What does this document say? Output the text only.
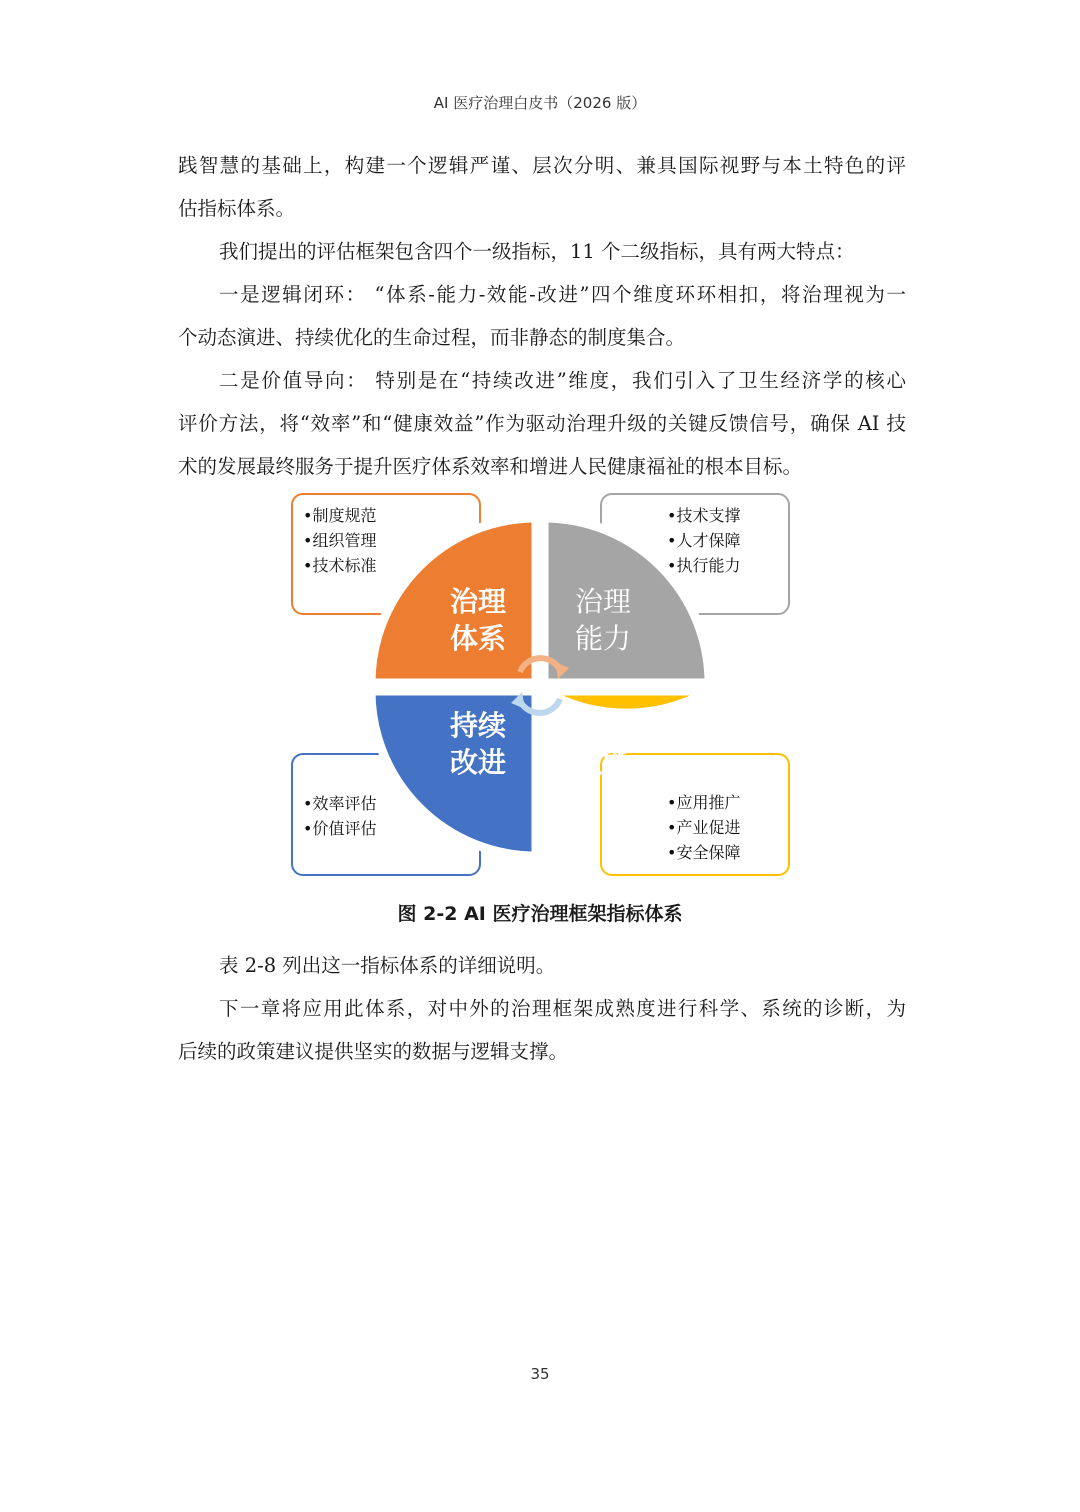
AI 医疗治理白皮书（2026 版）

践智慧的基础上，构建一个逻辑严谨、层次分明、兼具国际视野与本土特色的评

估指标体系。

我们提出的评估框架包含四个一级指标，11 个二级指标，具有两大特点：

一是逻辑闭环： “体系-能力-效能-改进”四个维度环环相扣，将治理视为一

个动态演进、持续优化的生命过程，而非静态的制度集合。

二是价值导向： 特别是在“持续改进”维度，我们引入了卫生经济学的核心

评价方法，将“效率”和“健康效益”作为驱动治理升级的关键反馈信号，确保 AI 技

术的发展最终服务于提升医疗体系效率和增进人民健康福祉的根本目标。

• 制度规范
• 组织管理
• 技术标准
• 技术支撑
• 人才保障
• 执行能力
• 效率评估
• 价值评估
• 应用推广
• 产业促进
• 安全保障
治理
体系
治理
能力
持续
改进
治理
效能
图 2-2 AI 医疗治理框架指标体系

表 2-8 列出这一指标体系的详细说明。

下一章将应用此体系，对中外的治理框架成熟度进行科学、系统的诊断，为

后续的政策建议提供坚实的数据与逻辑支撑。

35
